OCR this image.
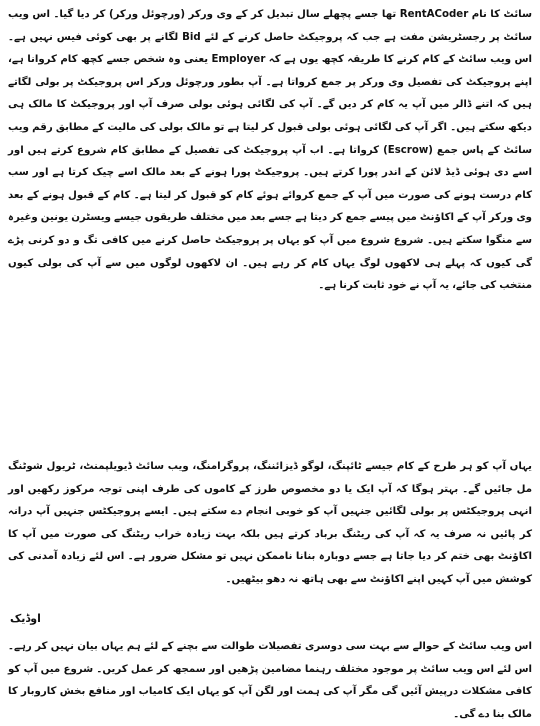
سائٹ کا نام RentACoder تھا جسے پچھلے سال تبدیل کر کے وی ورکر (ورچوئل ورکر) کر دیا گیا۔ اس ویب سائٹ پر رجسٹریشن مفت ہے جب کہ پروجیکٹ حاصل کرنے کے لئے Bid لگانے پر بھی کوئی فیس نہیں ہے۔ اس ویب سائٹ کے کام کرنے کا طریقہ کچھ یوں ہے کہ Employer یعنی وہ شخص جسے کچھ کام کروانا ہے، اپنے پروجیکٹ کی تفصیل وی ورکر پر جمع کرواتا ہے۔ آپ بطور ورچوئل ورکر اس پروجیکٹ پر بولی لگاتے ہیں کہ اتنے ڈالر میں آپ یہ کام کر دیں گے۔ آپ کی لگائی ہوئی بولی صرف آپ اور پروجیکٹ کا مالک ہی دیکھ سکتے ہیں۔ اگر آپ کی لگائی ہوئی بولی قبول کر لیتا ہے تو مالک بولی کی مالیت کے مطابق رقم ویب سائٹ کے پاس جمع (Escrow) کرواتا ہے۔ اب آپ پروجیکٹ کی تفصیل کے مطابق کام شروع کرتے ہیں اور اسے دی ہوئی ڈیڈ لائن کے اندر پورا کرتے ہیں۔ پروجیکٹ پورا ہونے کے بعد مالک اسے چیک کرتا ہے اور سب کام درست ہونے کی صورت میں آپ کے جمع کروائے ہوئے کام کو قبول کر لیتا ہے۔ کام کے قبول ہونے کے بعد وی ورکر آپ کے اکاؤنٹ میں پیسے جمع کر دیتا ہے جسے بعد میں مختلف طریقوں جیسے ویسٹرن یونین وغیرہ سے منگوا سکتے ہیں۔ شروع شروع میں آپ کو یہاں پر پروجیکٹ حاصل کرنے میں کافی تگ و دو کرنی پڑے گی کیوں کہ پہلے ہی لاکھوں لوگ یہاں کام کر رہے ہیں۔ ان لاکھوں لوگوں میں سے آپ کی بولی کیوں منتخب کی جائے، یہ آپ نے خود ثابت کرنا ہے۔

یہاں آپ کو ہر طرح کے کام جیسے ٹائپنگ، لوگو ڈیزائننگ، پروگرامنگ، ویب سائٹ ڈیویلپمنٹ، ٹریول شوٹنگ مل جائیں گے۔ بہتر ہوگا کہ آپ ایک یا دو مخصوص طرز کے کاموں کی طرف اپنی توجہ مرکوز رکھیں اور انہی پروجیکٹس پر بولی لگائیں جنہیں آپ کو خوبی انجام دے سکتے ہیں۔ ایسے پروجیکٹس جنہیں آپ درانہ کر پائیں نہ صرف یہ کہ آپ کی ریٹنگ برباد کرتے ہیں بلکہ بہت زیادہ خراب ریٹنگ کی صورت میں آپ کا اکاؤنٹ بھی ختم کر دیا جاتا ہے جسے دوبارہ بنانا ناممکن نہیں تو مشکل ضرور ہے۔ اس لئے زیادہ آمدنی کی کوشش میں آپ کہیں اپنے اکاؤنٹ سے بھی ہاتھ نہ دھو بیٹھیں۔

اس ویب سائٹ کے حوالے سے بہت سی دوسری تفصیلات طوالت سے بچنے کے لئے ہم یہاں بیان نہیں کر رہے۔ اس لئے اس ویب سائٹ پر موجود مختلف رہنما مضامین پڑھیں اور سمجھ کر عمل کریں۔ شروع میں آپ کو کافی مشکلات درپیش آئیں گی مگر آپ کی ہمت اور لگن آپ کو یہاں ایک کامیاب اور منافع بخش کاروبار کا مالک بنا دے گی۔

اوڈیک
